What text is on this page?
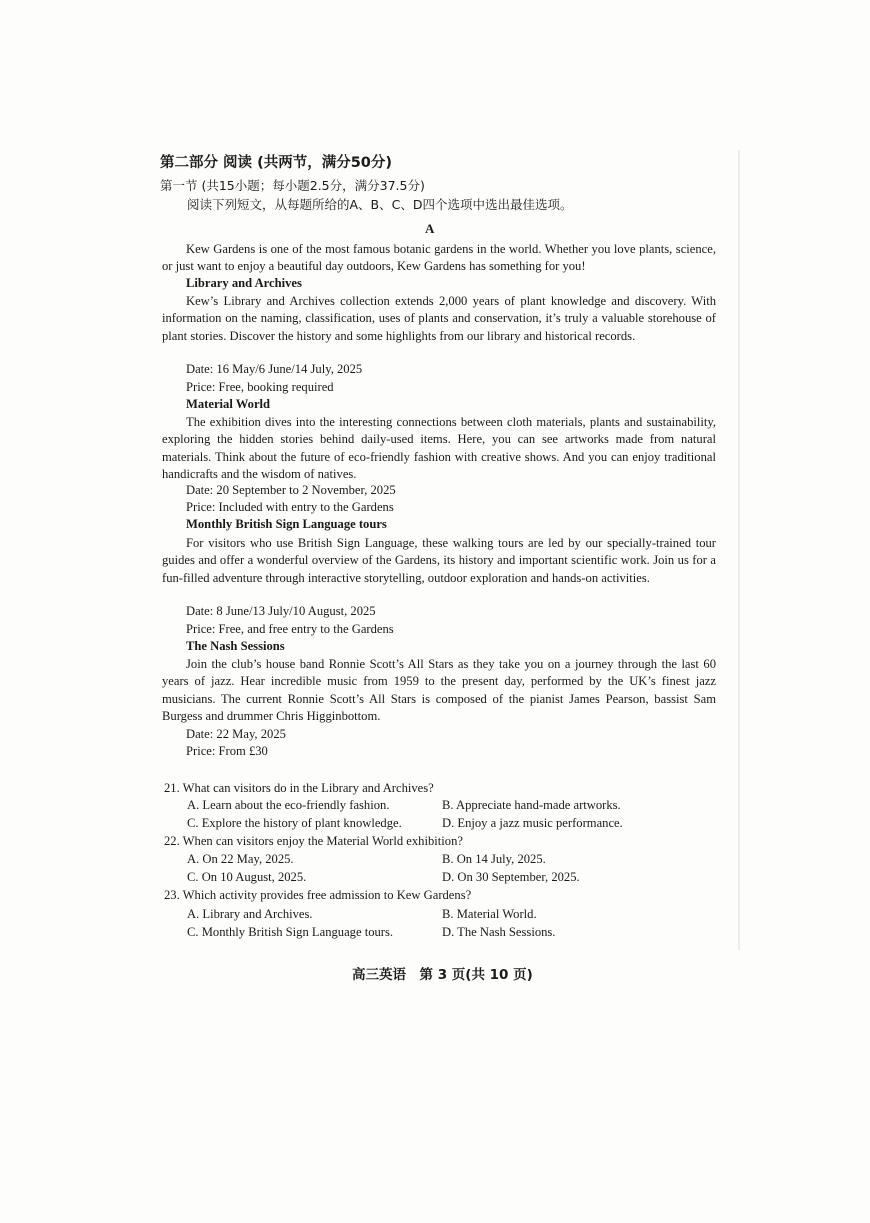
第二部分 阅读 (共两节，满分50分)
第一节 (共15小题；每小题2.5分，满分37.5分)
阅读下列短文，从每题所给的A、B、C、D四个选项中选出最佳选项。
A
Kew Gardens is one of the most famous botanic gardens in the world. Whether you love plants, science, or just want to enjoy a beautiful day outdoors, Kew Gardens has something for you!
Library and Archives
Kew’s Library and Archives collection extends 2,000 years of plant knowledge and discovery. With information on the naming, classification, uses of plants and conservation, it’s truly a valuable storehouse of plant stories. Discover the history and some highlights from our library and historical records.
Date: 16 May/6 June/14 July, 2025
Price: Free, booking required
Material World
The exhibition dives into the interesting connections between cloth materials, plants and sustainability, exploring the hidden stories behind daily-used items. Here, you can see artworks made from natural materials. Think about the future of eco-friendly fashion with creative shows. And you can enjoy traditional handicrafts and the wisdom of natives.
Date: 20 September to 2 November, 2025
Price: Included with entry to the Gardens
Monthly British Sign Language tours
For visitors who use British Sign Language, these walking tours are led by our specially-trained tour guides and offer a wonderful overview of the Gardens, its history and important scientific work. Join us for a fun-filled adventure through interactive storytelling, outdoor exploration and hands-on activities.
Date: 8 June/13 July/10 August, 2025
Price: Free, and free entry to the Gardens
The Nash Sessions
Join the club’s house band Ronnie Scott’s All Stars as they take you on a journey through the last 60 years of jazz. Hear incredible music from 1959 to the present day, performed by the UK’s finest jazz musicians. The current Ronnie Scott’s All Stars is composed of the pianist James Pearson, bassist Sam Burgess and drummer Chris Higginbottom.
Date: 22 May, 2025
Price: From £30
21. What can visitors do in the Library and Archives?
A. Learn about the eco-friendly fashion.	B. Appreciate hand-made artworks.
C. Explore the history of plant knowledge.	D. Enjoy a jazz music performance.
22. When can visitors enjoy the Material World exhibition?
A. On 22 May, 2025.	B. On 14 July, 2025.
C. On 10 August, 2025.	D. On 30 September, 2025.
23. Which activity provides free admission to Kew Gardens?
A. Library and Archives.	B. Material World.
C. Monthly British Sign Language tours.	D. The Nash Sessions.
高三英语　第 3 页(共 10 页)
